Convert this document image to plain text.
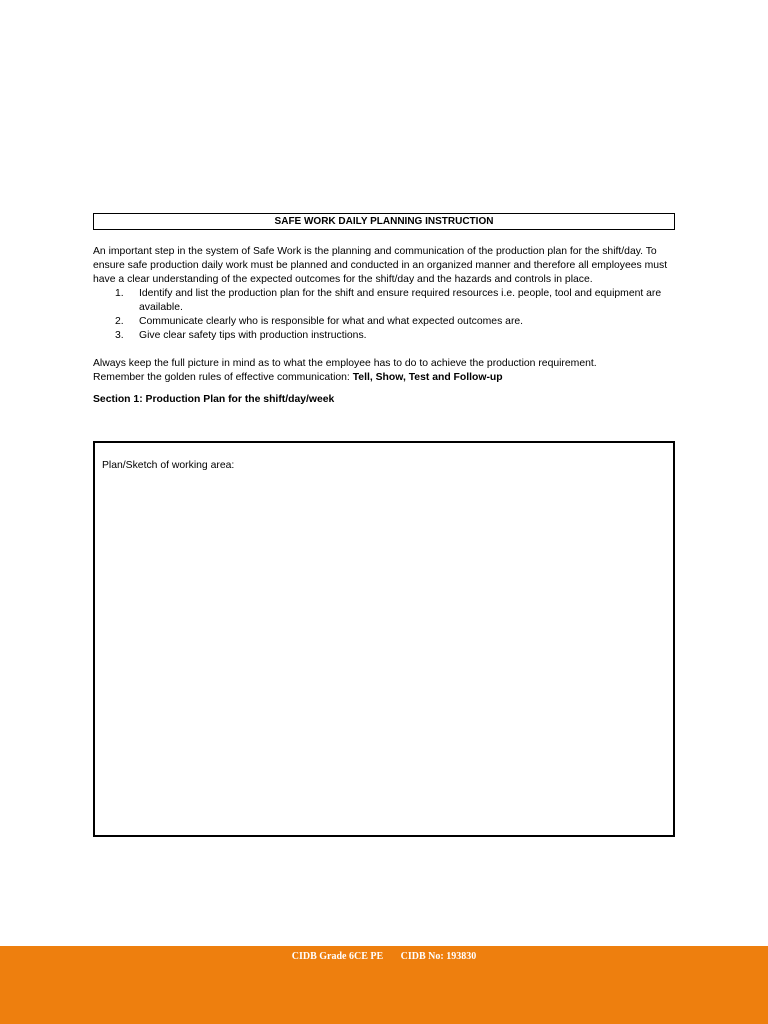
SAFE WORK DAILY PLANNING INSTRUCTION
An important step in the system of Safe Work is the planning and communication of the production plan for the shift/day. To ensure safe production daily work must be planned and conducted in an organized manner and therefore all employees must have a clear understanding of the expected outcomes for the shift/day and the hazards and controls in place.
1.	Identify and list the production plan for the shift and ensure required resources i.e. people, tool and equipment are available.
2.	Communicate clearly who is responsible for what and what expected outcomes are.
3.	Give clear safety tips with production instructions.
Always keep the full picture in mind as to what the employee has to do to achieve the production requirement.
Remember the golden rules of effective communication: Tell, Show, Test and Follow-up
Section 1: Production Plan for the shift/day/week
Plan/Sketch of working area:
CIDB Grade 6CE PE CIDB No: 193830
